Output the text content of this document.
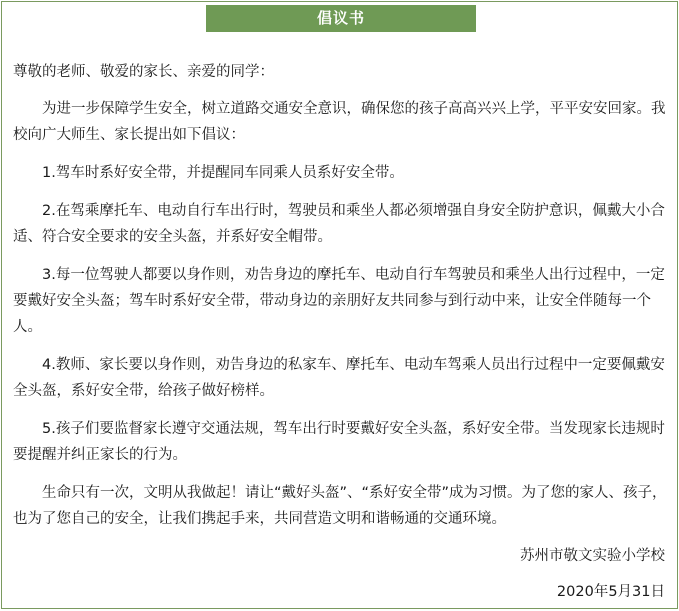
倡议书

尊敬的老师、敬爱的家长、亲爱的同学：

为进一步保障学生安全，树立道路交通安全意识，确保您的孩子高高兴兴上学，平平安安回家。我校向广大师生、家长提出如下倡议：

1.驾车时系好安全带，并提醒同车同乘人员系好安全带。

2.在驾乘摩托车、电动自行车出行时，驾驶员和乘坐人都必须增强自身安全防护意识，佩戴大小合适、符合安全要求的安全头盔，并系好安全帽带。

3.每一位驾驶人都要以身作则，劝告身边的摩托车、电动自行车驾驶员和乘坐人出行过程中，一定要戴好安全头盔；驾车时系好安全带，带动身边的亲朋好友共同参与到行动中来，让安全伴随每一个人。

4.教师、家长要以身作则，劝告身边的私家车、摩托车、电动车驾乘人员出行过程中一定要佩戴安全头盔，系好安全带，给孩子做好榜样。

5.孩子们要监督家长遵守交通法规，驾车出行时要戴好安全头盔，系好安全带。当发现家长违规时要提醒并纠正家长的行为。

生命只有一次，文明从我做起！请让“戴好头盔”、“系好安全带”成为习惯。为了您的家人、孩子，也为了您自己的安全，让我们携起手来，共同营造文明和谐畅通的交通环境。

苏州市敬文实验小学校
2020年5月31日
